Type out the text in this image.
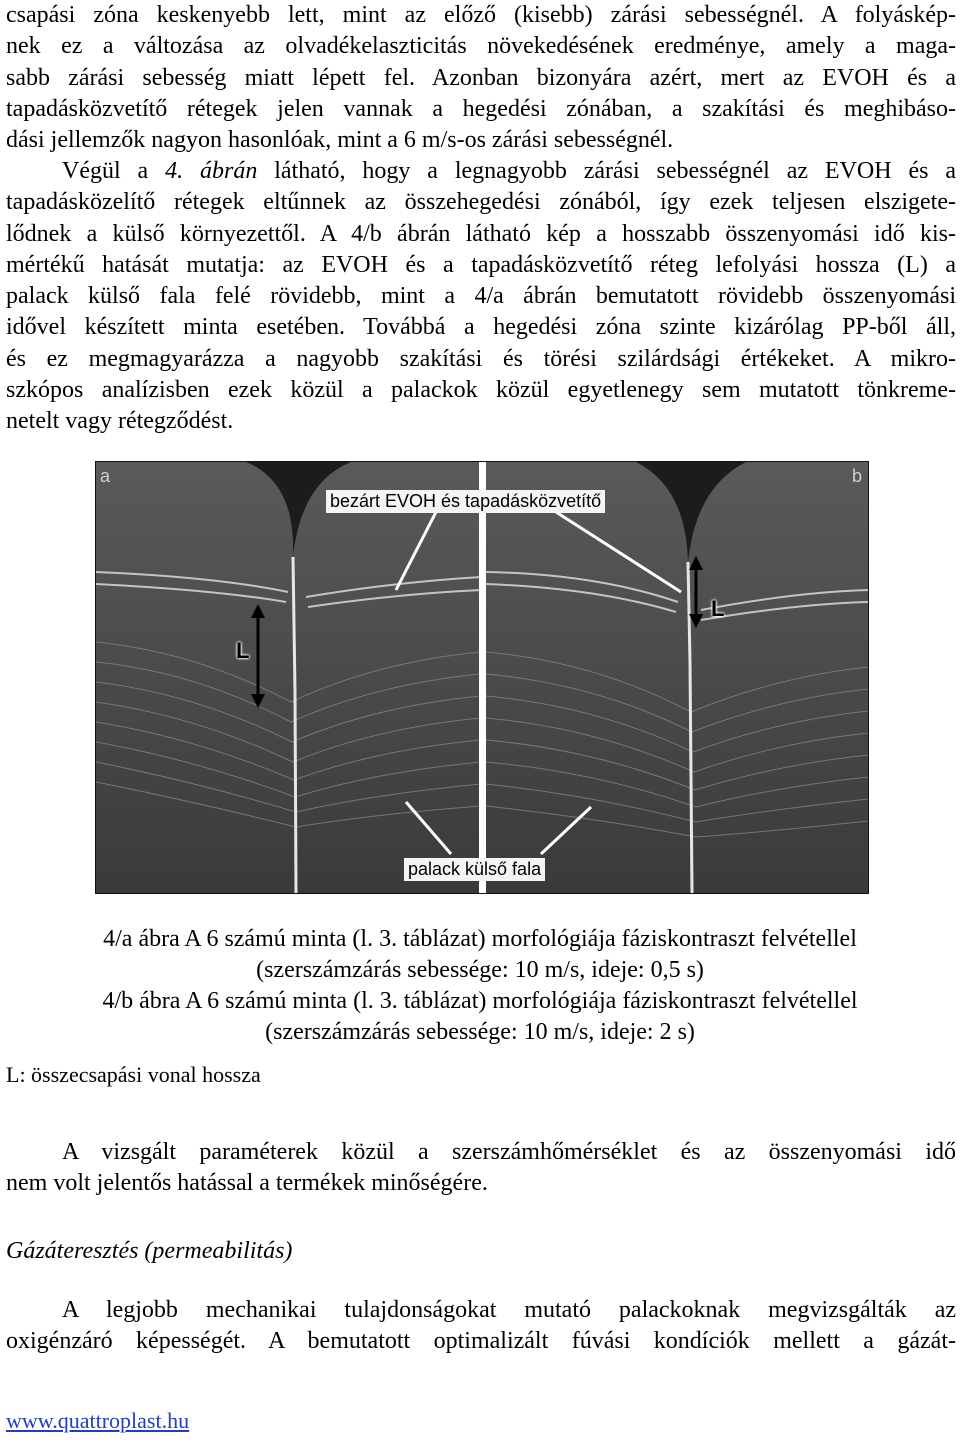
csapási zóna keskenyebb lett, mint az előző (kisebb) zárási sebességnél. A folyáskép-
nek ez a változása az olvadékelaszticitás növekedésének eredménye, amely a maga-
sabb zárási sebesség miatt lépett fel. Azonban bizonyára azért, mert az EVOH és a
tapadásközvetítő rétegek jelen vannak a hegedési zónában, a szakítási és meghibáso-
dási jellemzők nagyon hasonlóak, mint a 6 m/s-os zárási sebességnél.
Végül a 4. ábrán látható, hogy a legnagyobb zárási sebességnél az EVOH és a
tapadásközelítő rétegek eltűnnek az összehegedési zónából, így ezek teljesen elszigete-
lődnek a külső környezettől. A 4/b ábrán látható kép a hosszabb összenyomási idő kis-
mértékű hatását mutatja: az EVOH és a tapadásközvetítő réteg lefolyási hossza (L) a
palack külső fala felé rövidebb, mint a 4/a ábrán bemutatott rövidebb összenyomási
idővel készített minta esetében. Továbbá a hegedési zóna szinte kizárólag PP-ből áll,
és ez megmagyarázza a nagyobb szakítási és törési szilárdsági értékeket. A mikro-
szkópos analízisben ezek közül a palackok közül egyetlenegy sem mutatott tönkreme-
netelt vagy rétegződést.
a	b
bezárt EVOH és tapadásközvetítő
palack külső fala
L
L
4/a ábra A 6 számú minta (l. 3. táblázat) morfológiája fáziskontraszt felvétellel
(szerszámzárás sebessége: 10 m/s, ideje: 0,5 s)
4/b ábra A 6 számú minta (l. 3. táblázat) morfológiája fáziskontraszt felvétellel
(szerszámzárás sebessége: 10 m/s, ideje: 2 s)
L: összecsapási vonal hossza
A vizsgált paraméterek közül a szerszámhőmérséklet és az összenyomási idő
nem volt jelentős hatással a termékek minőségére.
Gázáteresztés (permeabilitás)
A legjobb mechanikai tulajdonságokat mutató palackoknak megvizsgálták az
oxigénzáró képességét. A bemutatott optimalizált fúvási kondíciók mellett a gázát-
www.quattroplast.hu
